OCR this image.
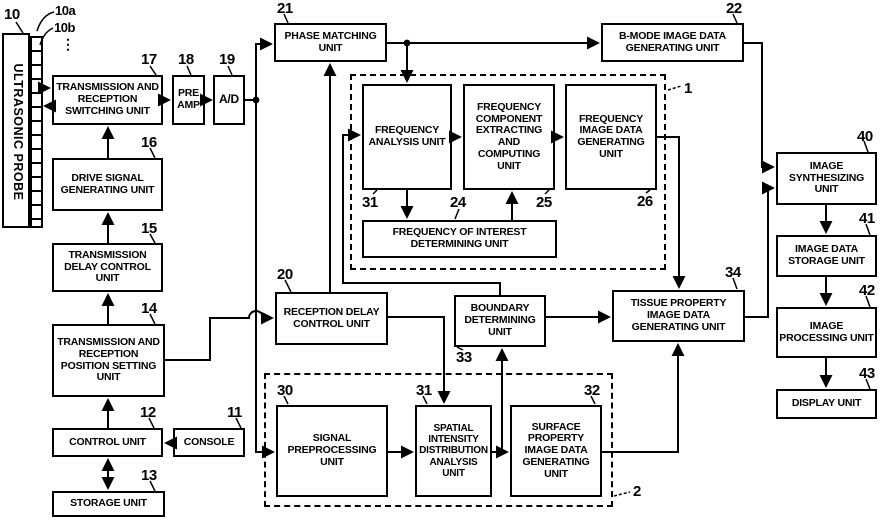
ULTRASONIC PROBE	TRANSMISSION AND RECEPTION SWITCHING UNIT
PRE AMP A/D
DRIVE SIGNAL GENERATING UNIT
TRANSMISSION DELAY CONTROL UNIT
TRANSMISSION AND RECEPTION POSITION SETTING UNIT
CONTROL UNIT	CONSOLE
STORAGE UNIT
PHASE MATCHING UNIT
B-MODE IMAGE DATA GENERATING UNIT
FREQUENCY ANALYSIS UNIT
FREQUENCY COMPONENT EXTRACTING AND COMPUTING UNIT
FREQUENCY IMAGE DATA GENERATING UNIT
FREQUENCY OF INTEREST DETERMINING UNIT
RECEPTION DELAY CONTROL UNIT
BOUNDARY DETERMINING UNIT
TISSUE PROPERTY IMAGE DATA GENERATING UNIT
SIGNAL PREPROCESSING UNIT
SPATIAL INTENSITY DISTRIBUTION ANALYSIS UNIT
SURFACE PROPERTY IMAGE DATA GENERATING UNIT
IMAGE SYNTHESIZING UNIT
IMAGE DATA STORAGE UNIT
IMAGE PROCESSING UNIT
DISPLAY UNIT
10	10a
10b
17 18 19
16
15
14
12	11
13
21	22
31	24	25	26
20
33
34
30	31	32
40
41
42
43
1
2
⋮
